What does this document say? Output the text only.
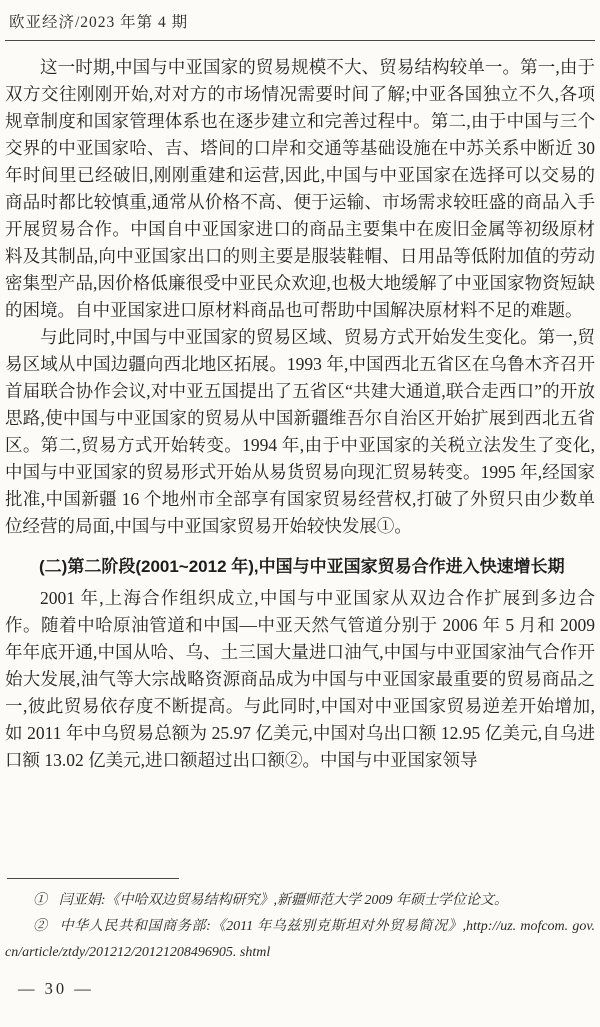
欧亚经济/2023 年第 4 期

这一时期,中国与中亚国家的贸易规模不大、贸易结构较单一。第一,由于双方交往刚刚开始,对对方的市场情况需要时间了解;中亚各国独立不久,各项规章制度和国家管理体系也在逐步建立和完善过程中。第二,由于中国与三个交界的中亚国家哈、吉、塔间的口岸和交通等基础设施在中苏关系中断近 30 年时间里已经破旧,刚刚重建和运营,因此,中国与中亚国家在选择可以交易的商品时都比较慎重,通常从价格不高、便于运输、市场需求较旺盛的商品入手开展贸易合作。中国自中亚国家进口的商品主要集中在废旧金属等初级原材料及其制品,向中亚国家出口的则主要是服装鞋帽、日用品等低附加值的劳动密集型产品,因价格低廉很受中亚民众欢迎,也极大地缓解了中亚国家物资短缺的困境。自中亚国家进口原材料商品也可帮助中国解决原材料不足的难题。

与此同时,中国与中亚国家的贸易区域、贸易方式开始发生变化。第一,贸易区域从中国边疆向西北地区拓展。1993 年,中国西北五省区在乌鲁木齐召开首届联合协作会议,对中亚五国提出了五省区“共建大通道,联合走西口”的开放思路,使中国与中亚国家的贸易从中国新疆维吾尔自治区开始扩展到西北五省区。第二,贸易方式开始转变。1994 年,由于中亚国家的关税立法发生了变化,中国与中亚国家的贸易形式开始从易货贸易向现汇贸易转变。1995 年,经国家批准,中国新疆 16 个地州市全部享有国家贸易经营权,打破了外贸只由少数单位经营的局面,中国与中亚国家贸易开始较快发展①。

(二)第二阶段(2001~2012 年),中国与中亚国家贸易合作进入快速增长期

2001 年,上海合作组织成立,中国与中亚国家从双边合作扩展到多边合作。随着中哈原油管道和中国—中亚天然气管道分别于 2006 年 5 月和 2009 年年底开通,中国从哈、乌、土三国大量进口油气,中国与中亚国家油气合作开始大发展,油气等大宗战略资源商品成为中国与中亚国家最重要的贸易商品之一,彼此贸易依存度不断提高。与此同时,中国对中亚国家贸易逆差开始增加,如 2011 年中乌贸易总额为 25.97 亿美元,中国对乌出口额 12.95 亿美元,自乌进口额 13.02 亿美元,进口额超过出口额②。中国与中亚国家领导

① 闫亚娟:《中哈双边贸易结构研究》,新疆师范大学 2009 年硕士学位论文。

② 中华人民共和国商务部:《2011 年乌兹别克斯坦对外贸易简况》,http://uz. mofcom. gov. cn/article/ztdy/201212/20121208496905. shtml

— 30 —
